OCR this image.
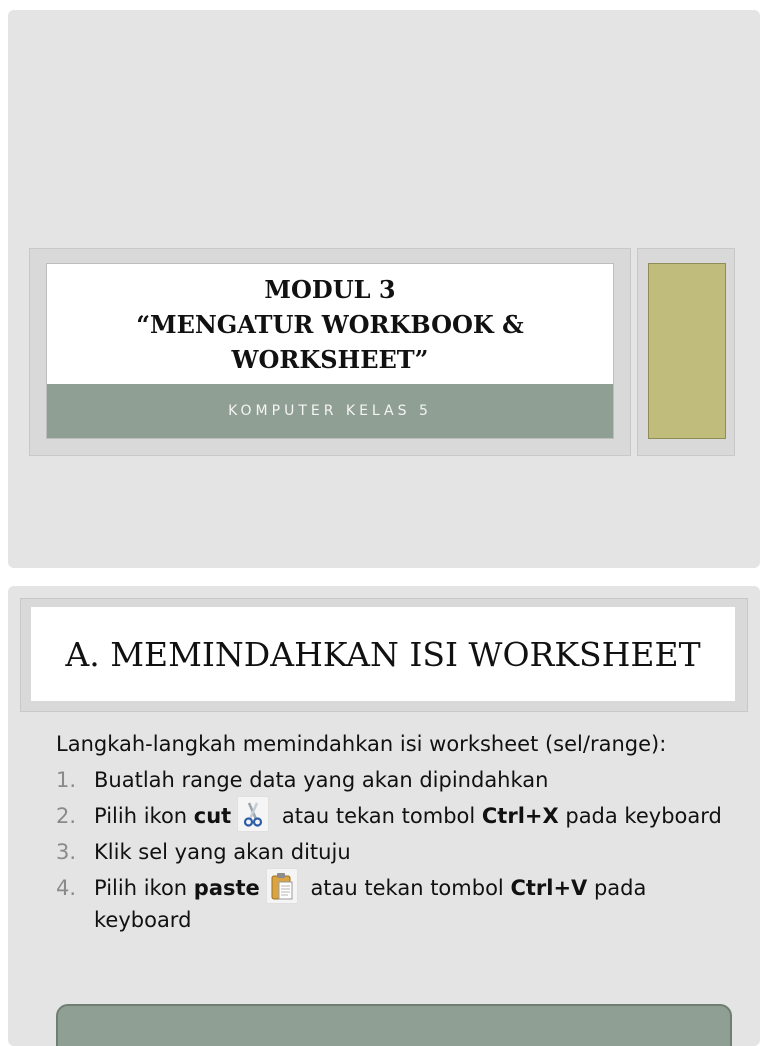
MODUL 3
“MENGATUR WORKBOOK &
WORKSHEET”
KOMPUTER KELAS 5
A. MEMINDAHKAN ISI WORKSHEET

Langkah-langkah memindahkan isi worksheet (sel/range):

1. Buatlah range data yang akan dipindahkan
2. Pilih ikon cut atau tekan tombol Ctrl+X pada keyboard
3. Klik sel yang akan dituju
4. Pilih ikon paste atau tekan tombol Ctrl+V pada keyboard
